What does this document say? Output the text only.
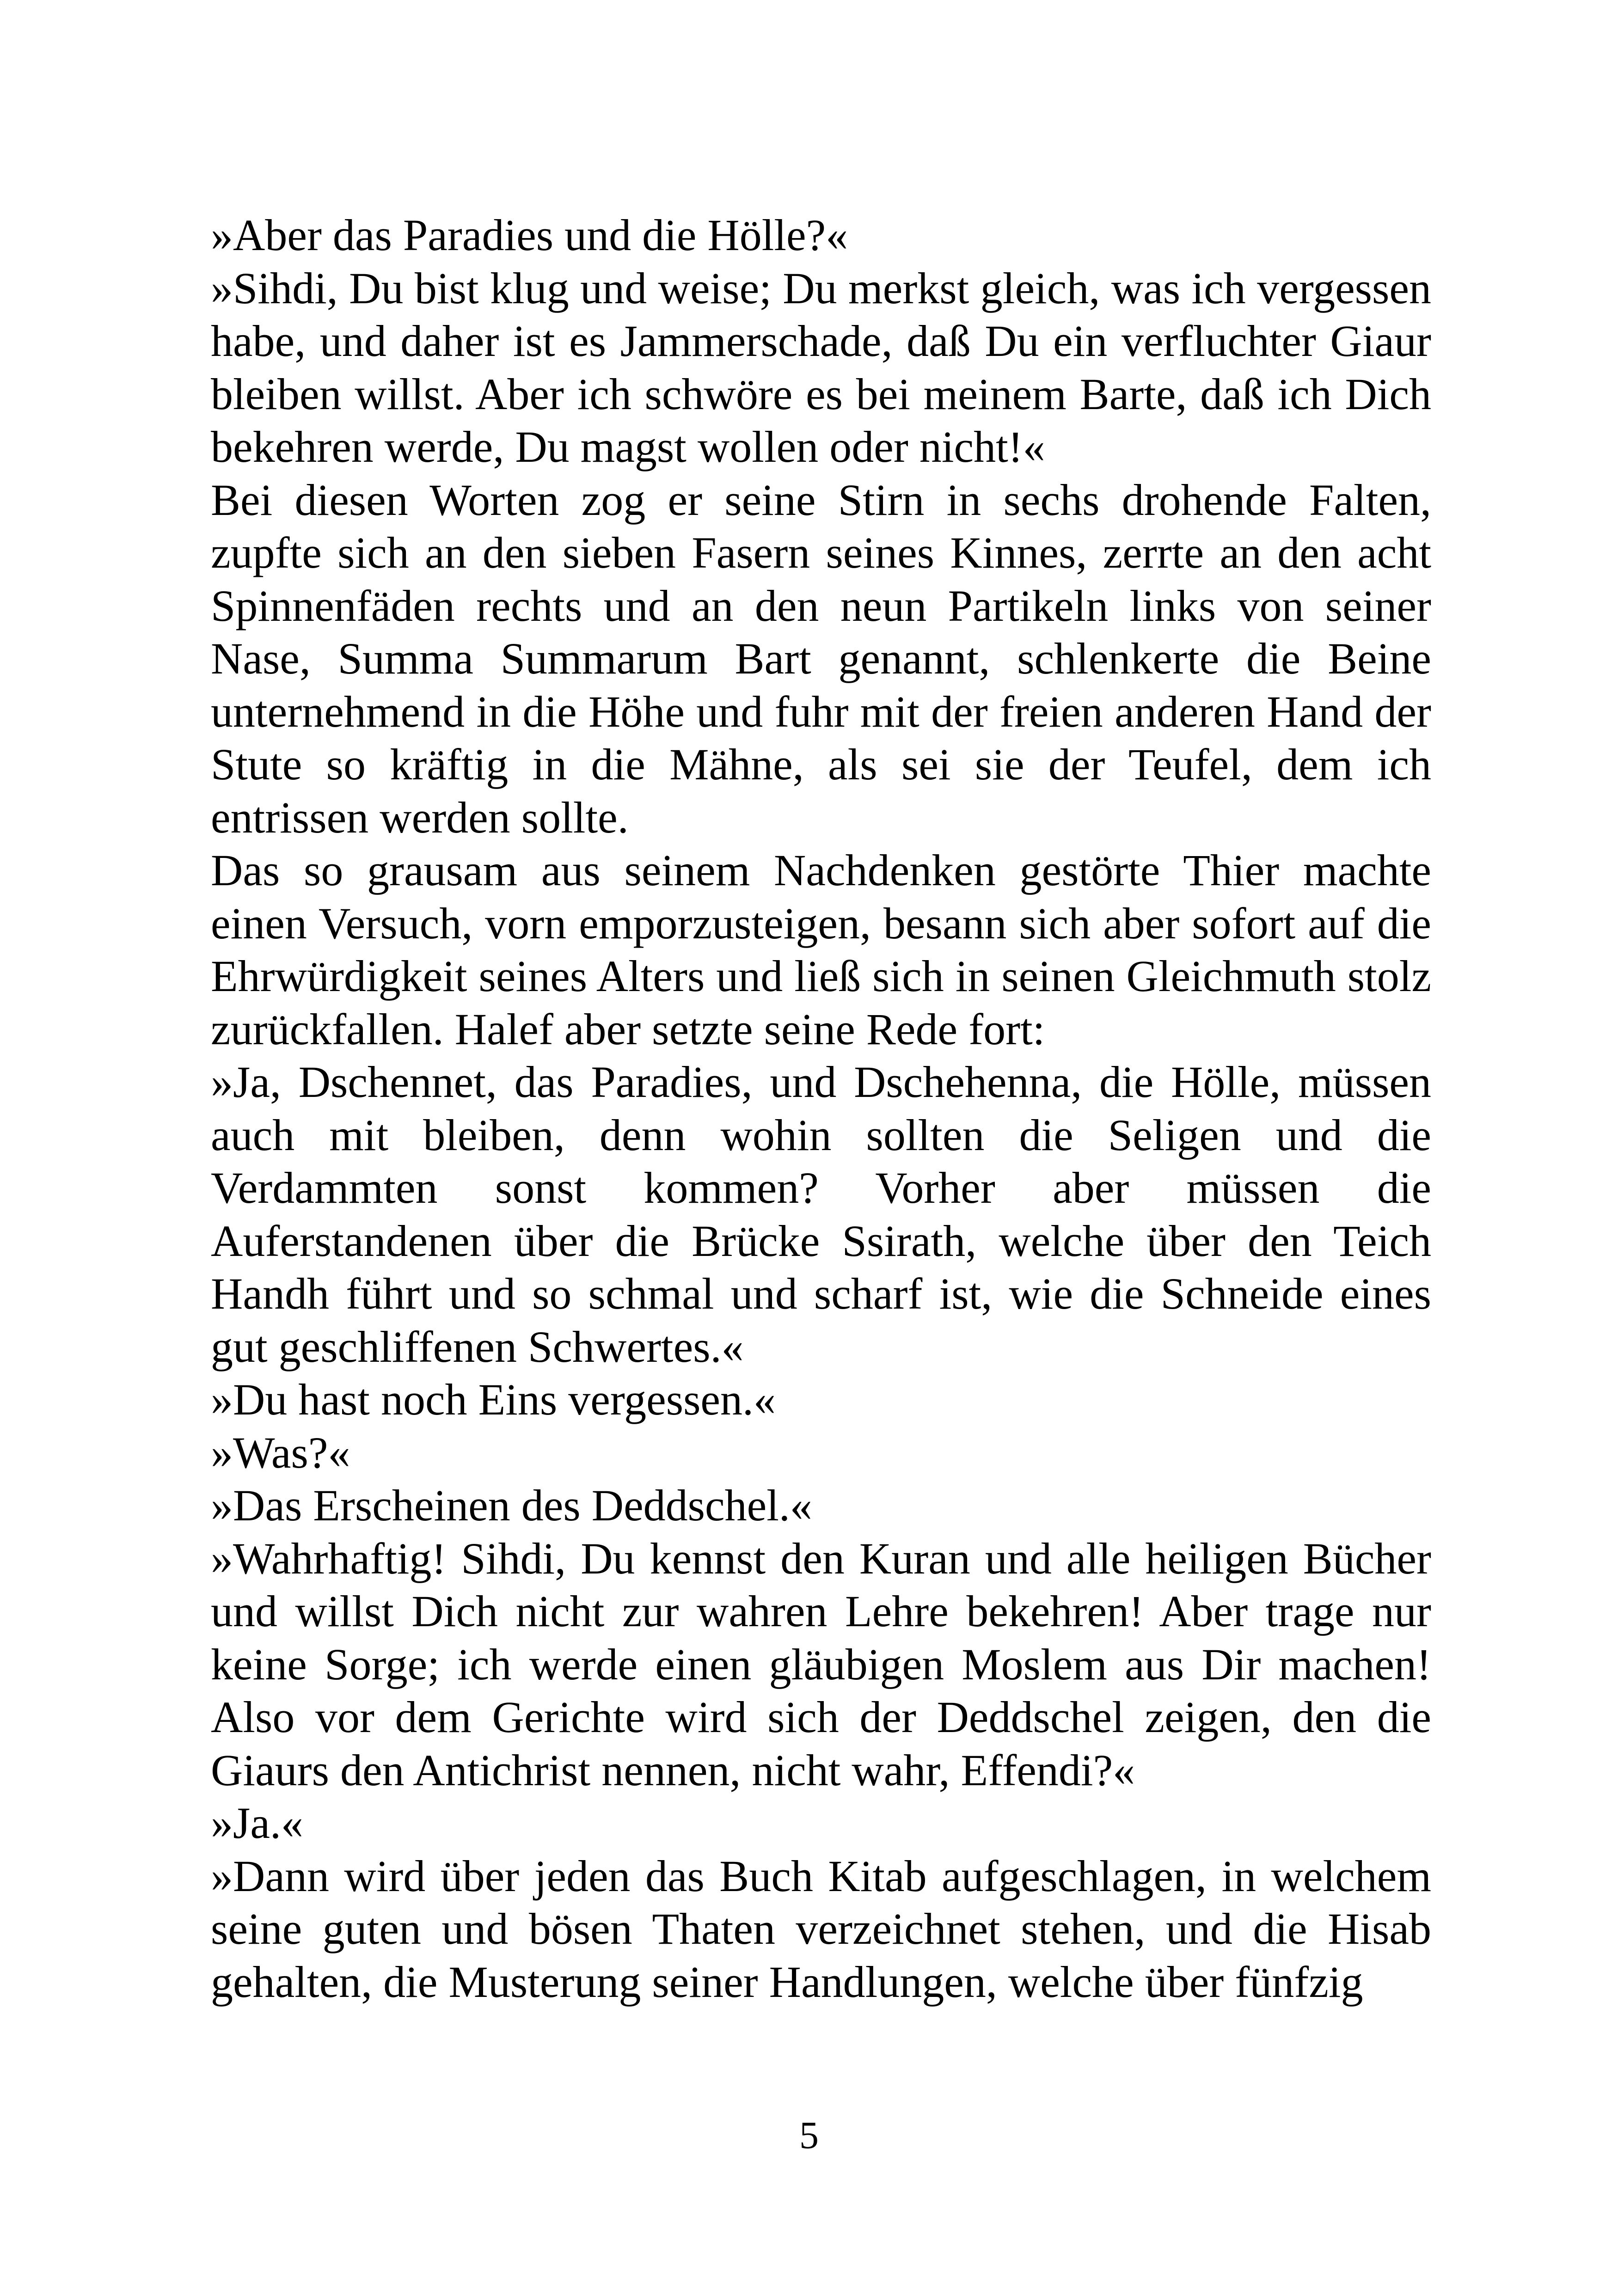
»Aber das Paradies und die Hölle?«

»Sihdi, Du bist klug und weise; Du merkst gleich, was ich vergessen habe, und daher ist es Jammerschade, daß Du ein verfluchter Giaur bleiben willst. Aber ich schwöre es bei meinem Barte, daß ich Dich bekehren werde, Du magst wollen oder nicht!«

Bei diesen Worten zog er seine Stirn in sechs drohende Falten, zupfte sich an den sieben Fasern seines Kinnes, zerrte an den acht Spinnenfäden rechts und an den neun Partikeln links von seiner Nase, Summa Summarum Bart genannt, schlenkerte die Beine unternehmend in die Höhe und fuhr mit der freien anderen Hand der Stute so kräftig in die Mähne, als sei sie der Teufel, dem ich entrissen werden sollte.

Das so grausam aus seinem Nachdenken gestörte Thier machte einen Versuch, vorn emporzusteigen, besann sich aber sofort auf die Ehrwürdigkeit seines Alters und ließ sich in seinen Gleichmuth stolz zurückfallen. Halef aber setzte seine Rede fort:

»Ja, Dschennet, das Paradies, und Dschehenna, die Hölle, müssen auch mit bleiben, denn wohin sollten die Seligen und die Verdammten sonst kommen? Vorher aber müssen die Auferstandenen über die Brücke Ssirath, welche über den Teich Handh führt und so schmal und scharf ist, wie die Schneide eines gut geschliffenen Schwertes.«

»Du hast noch Eins vergessen.«

»Was?«

»Das Erscheinen des Deddschel.«

»Wahrhaftig! Sihdi, Du kennst den Kuran und alle heiligen Bücher und willst Dich nicht zur wahren Lehre bekehren! Aber trage nur keine Sorge; ich werde einen gläubigen Moslem aus Dir machen! Also vor dem Gerichte wird sich der Deddschel zeigen, den die Giaurs den Antichrist nennen, nicht wahr, Effendi?«

»Ja.«

»Dann wird über jeden das Buch Kitab aufgeschlagen, in welchem seine guten und bösen Thaten verzeichnet stehen, und die Hisab gehalten, die Musterung seiner Handlungen, welche über fünfzig

5
